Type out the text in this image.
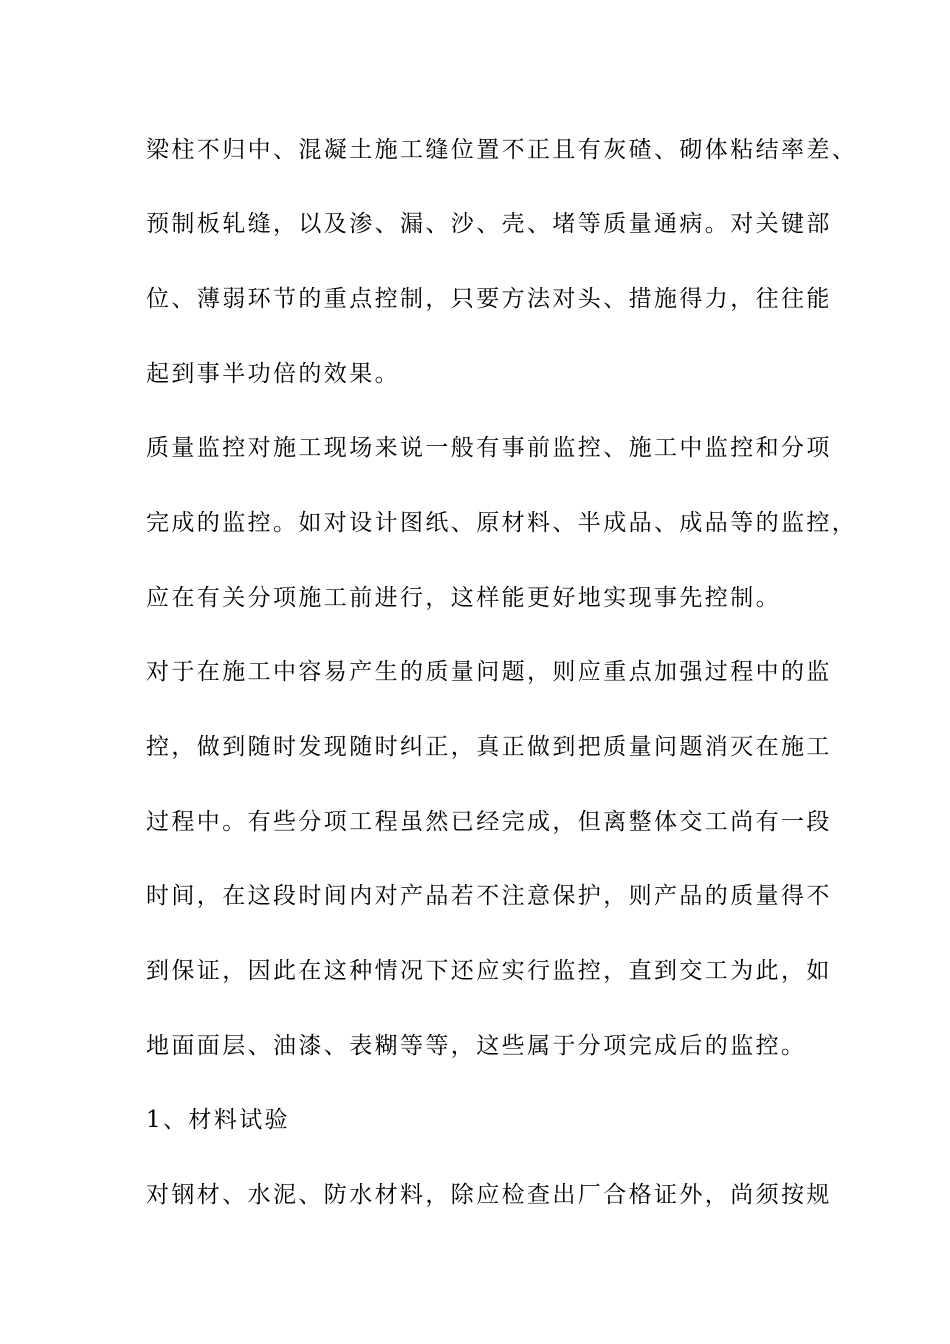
梁柱不归中、混凝土施工缝位置不正且有灰碴、砌体粘结率差、
预制板轧缝，以及渗、漏、沙、壳、堵等质量通病。对关键部
位、薄弱环节的重点控制，只要方法对头、措施得力，往往能
起到事半功倍的效果。
质量监控对施工现场来说一般有事前监控、施工中监控和分项
完成的监控。如对设计图纸、原材料、半成品、成品等的监控，
应在有关分项施工前进行，这样能更好地实现事先控制。
对于在施工中容易产生的质量问题，则应重点加强过程中的监
控，做到随时发现随时纠正，真正做到把质量问题消灭在施工
过程中。有些分项工程虽然已经完成，但离整体交工尚有一段
时间，在这段时间内对产品若不注意保护，则产品的质量得不
到保证，因此在这种情况下还应实行监控，直到交工为此，如
地面面层、油漆、表糊等等，这些属于分项完成后的监控。
1、材料试验
对钢材、水泥、防水材料，除应检查出厂合格证外，尚须按规
